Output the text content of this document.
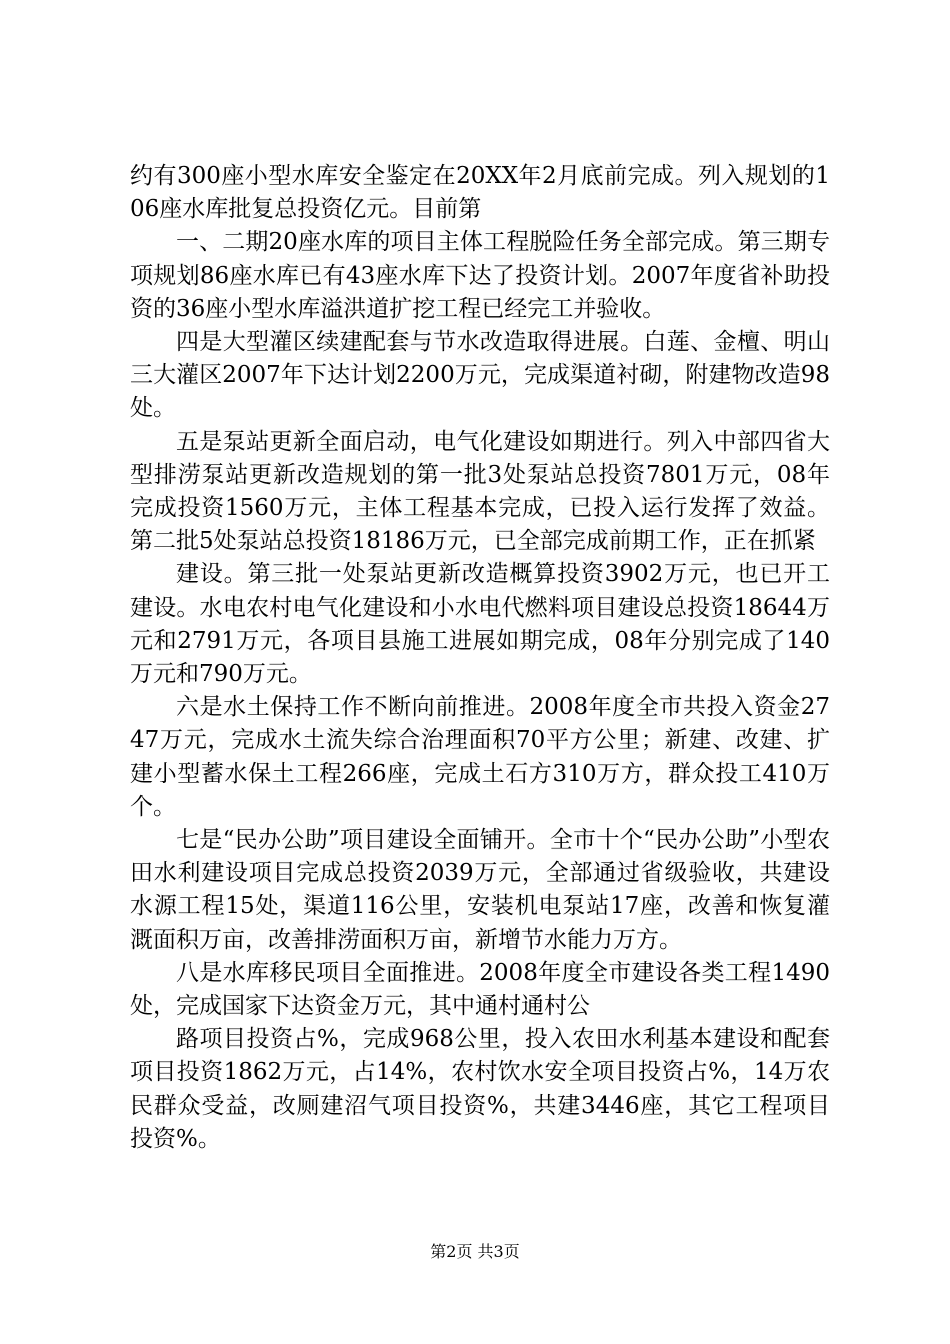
约有300座小型水库安全鉴定在20XX年2月底前完成。列入规划的106座水库批复总投资亿元。目前第

一、二期20座水库的项目主体工程脱险任务全部完成。第三期专项规划86座水库已有43座水库下达了投资计划。2007年度省补助投资的36座小型水库溢洪道扩挖工程已经完工并验收。

四是大型灌区续建配套与节水改造取得进展。白莲、金檀、明山三大灌区2007年下达计划2200万元，完成渠道衬砌，附建物改造98处。

五是泵站更新全面启动，电气化建设如期进行。列入中部四省大型排涝泵站更新改造规划的第一批3处泵站总投资7801万元，08年完成投资1560万元，主体工程基本完成，已投入运行发挥了效益。第二批5处泵站总投资18186万元，已全部完成前期工作，正在抓紧

建设。第三批一处泵站更新改造概算投资3902万元，也已开工建设。水电农村电气化建设和小水电代燃料项目建设总投资18644万元和2791万元，各项目县施工进展如期完成，08年分别完成了140万元和790万元。

六是水土保持工作不断向前推进。2008年度全市共投入资金2747万元，完成水土流失综合治理面积70平方公里；新建、改建、扩建小型蓄水保土工程266座，完成土石方310万方，群众投工410万个。

七是“民办公助”项目建设全面铺开。全市十个“民办公助”小型农田水利建设项目完成总投资2039万元，全部通过省级验收，共建设水源工程15处，渠道116公里，安装机电泵站17座，改善和恢复灌溉面积万亩，改善排涝面积万亩，新增节水能力万方。

八是水库移民项目全面推进。2008年度全市建设各类工程1490处，完成国家下达资金万元，其中通村通村公

路项目投资占%，完成968公里，投入农田水利基本建设和配套项目投资1862万元，占14%，农村饮水安全项目投资占%，14万农民群众受益，改厕建沼气项目投资%，共建3446座，其它工程项目投资%。

第2页 共3页
